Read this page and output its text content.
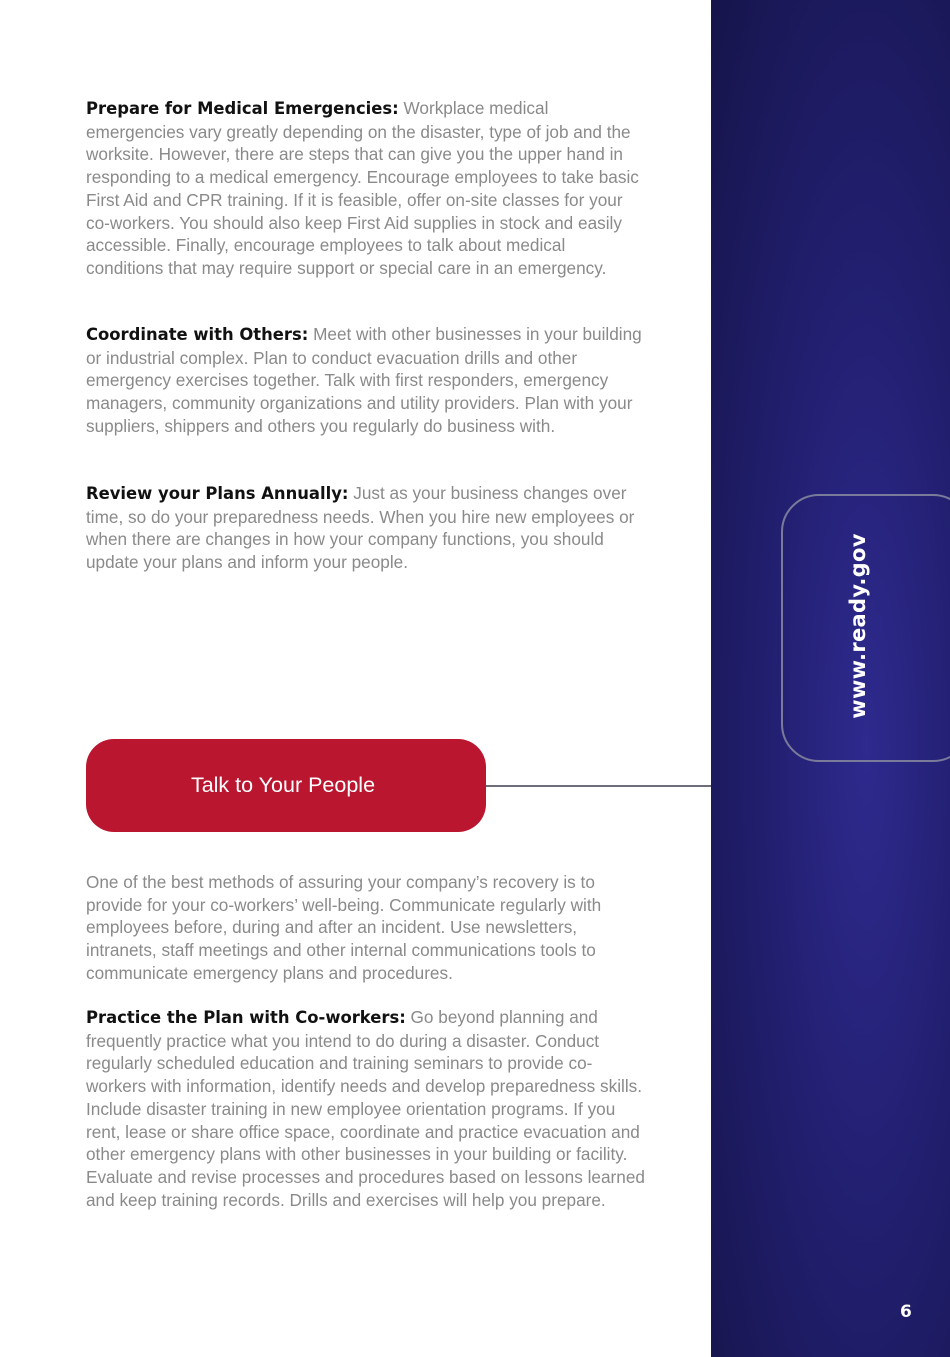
Prepare for Medical Emergencies: Workplace medical emergencies vary greatly depending on the disaster, type of job and the worksite. However, there are steps that can give you the upper hand in responding to a medical emergency. Encourage employees to take basic First Aid and CPR training. If it is feasible, offer on-site classes for your co-workers. You should also keep First Aid supplies in stock and easily accessible. Finally, encourage employees to talk about medical conditions that may require support or special care in an emergency.

Coordinate with Others: Meet with other businesses in your building or industrial complex. Plan to conduct evacuation drills and other emergency exercises together. Talk with first responders, emergency managers, community organizations and utility providers. Plan with your suppliers, shippers and others you regularly do business with.

Review your Plans Annually: Just as your business changes over time, so do your preparedness needs. When you hire new employees or when there are changes in how your company functions, you should update your plans and inform your people.

Talk to Your People

One of the best methods of assuring your company’s recovery is to provide for your co-workers’ well-being. Communicate regularly with employees before, during and after an incident. Use newsletters, intranets, staff meetings and other internal communications tools to communicate emergency plans and procedures.

Practice the Plan with Co-workers: Go beyond planning and frequently practice what you intend to do during a disaster. Conduct regularly scheduled education and training seminars to provide co-workers with information, identify needs and develop preparedness skills. Include disaster training in new employee orientation programs. If you rent, lease or share office space, coordinate and practice evacuation and other emergency plans with other businesses in your building or facility. Evaluate and revise processes and procedures based on lessons learned and keep training records. Drills and exercises will help you prepare.

www.ready.gov
6
